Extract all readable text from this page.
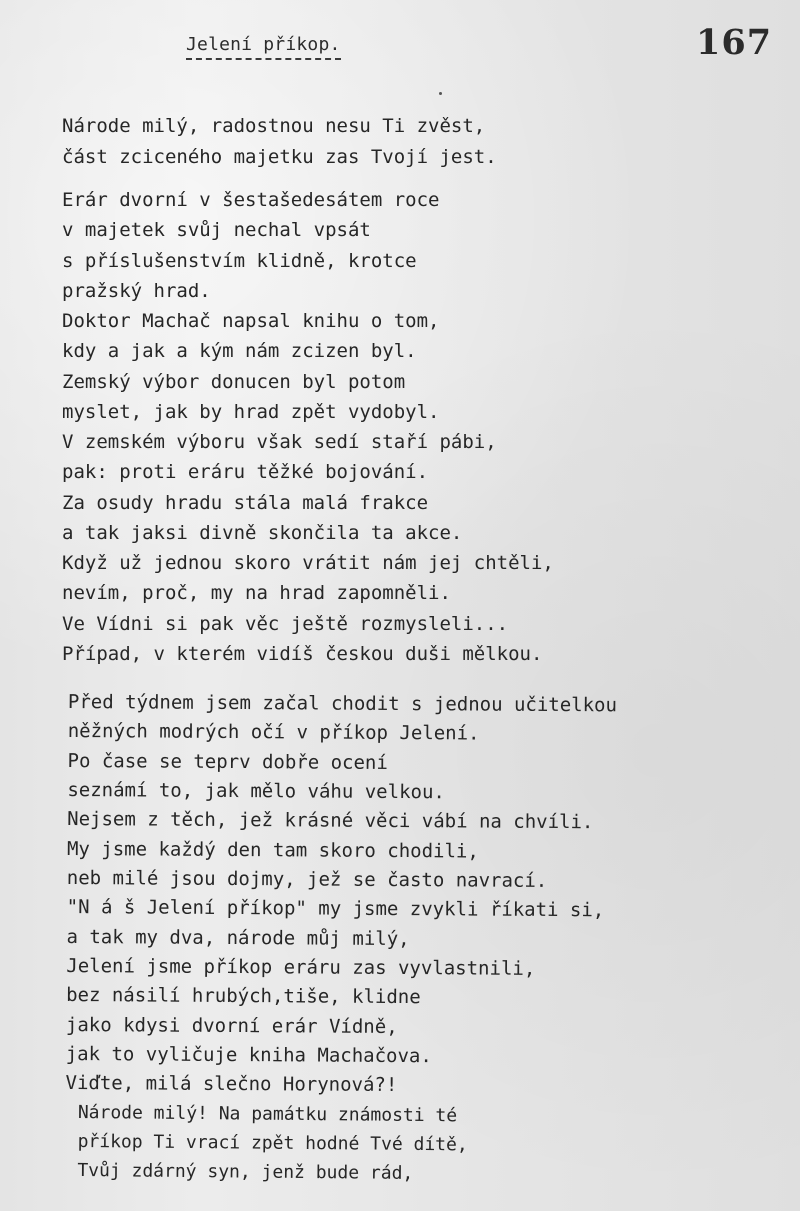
167
Jelení příkop.
Národe milý, radostnou nesu Ti zvěst,
část zciceného majetku zas Tvojí jest.
Erár dvorní v šestašedesátem roce
v majetek svůj nechal vpsát
s příslušenstvím klidně, krotce
pražský hrad.
Doktor Machač napsal knihu o tom,
kdy a jak a kým nám zcizen byl.
Zemský výbor donucen byl potom
myslet, jak by hrad zpět vydobyl.
V zemském výboru však sedí staří pábi,
pak: proti eráru těžké bojování.
Za osudy hradu stála malá frakce
a tak jaksi divně skončila ta akce.
Když už jednou skoro vrátit nám jej chtěli,
nevím, proč, my na hrad zapomněli.
Ve Vídni si pak věc ještě rozmysleli...
Případ, v kterém vidíš českou duši mělkou.
Před týdnem jsem začal chodit s jednou učitelkou
něžných modrých očí v příkop Jelení.
Po čase se teprv dobře ocení
seznámí to, jak mělo váhu velkou.
Nejsem z těch, jež krásné věci vábí na chvíli.
My jsme každý den tam skoro chodili,
neb milé jsou dojmy, jež se často navrací.
"N á š Jelení příkop" my jsme zvykli říkati si,
a tak my dva, národe můj milý,
Jelení jsme příkop eráru zas vyvlastnili,
bez násilí hrubých,tiše, klidne
jako kdysi dvorní erár Vídně,
jak to vyličuje kniha Machačova.
Viďte, milá slečno Horynová?!
Národe milý! Na památku známosti té
příkop Ti vrací zpět hodné Tvé dítě,
Tvůj zdárný syn, jenž bude rád,
